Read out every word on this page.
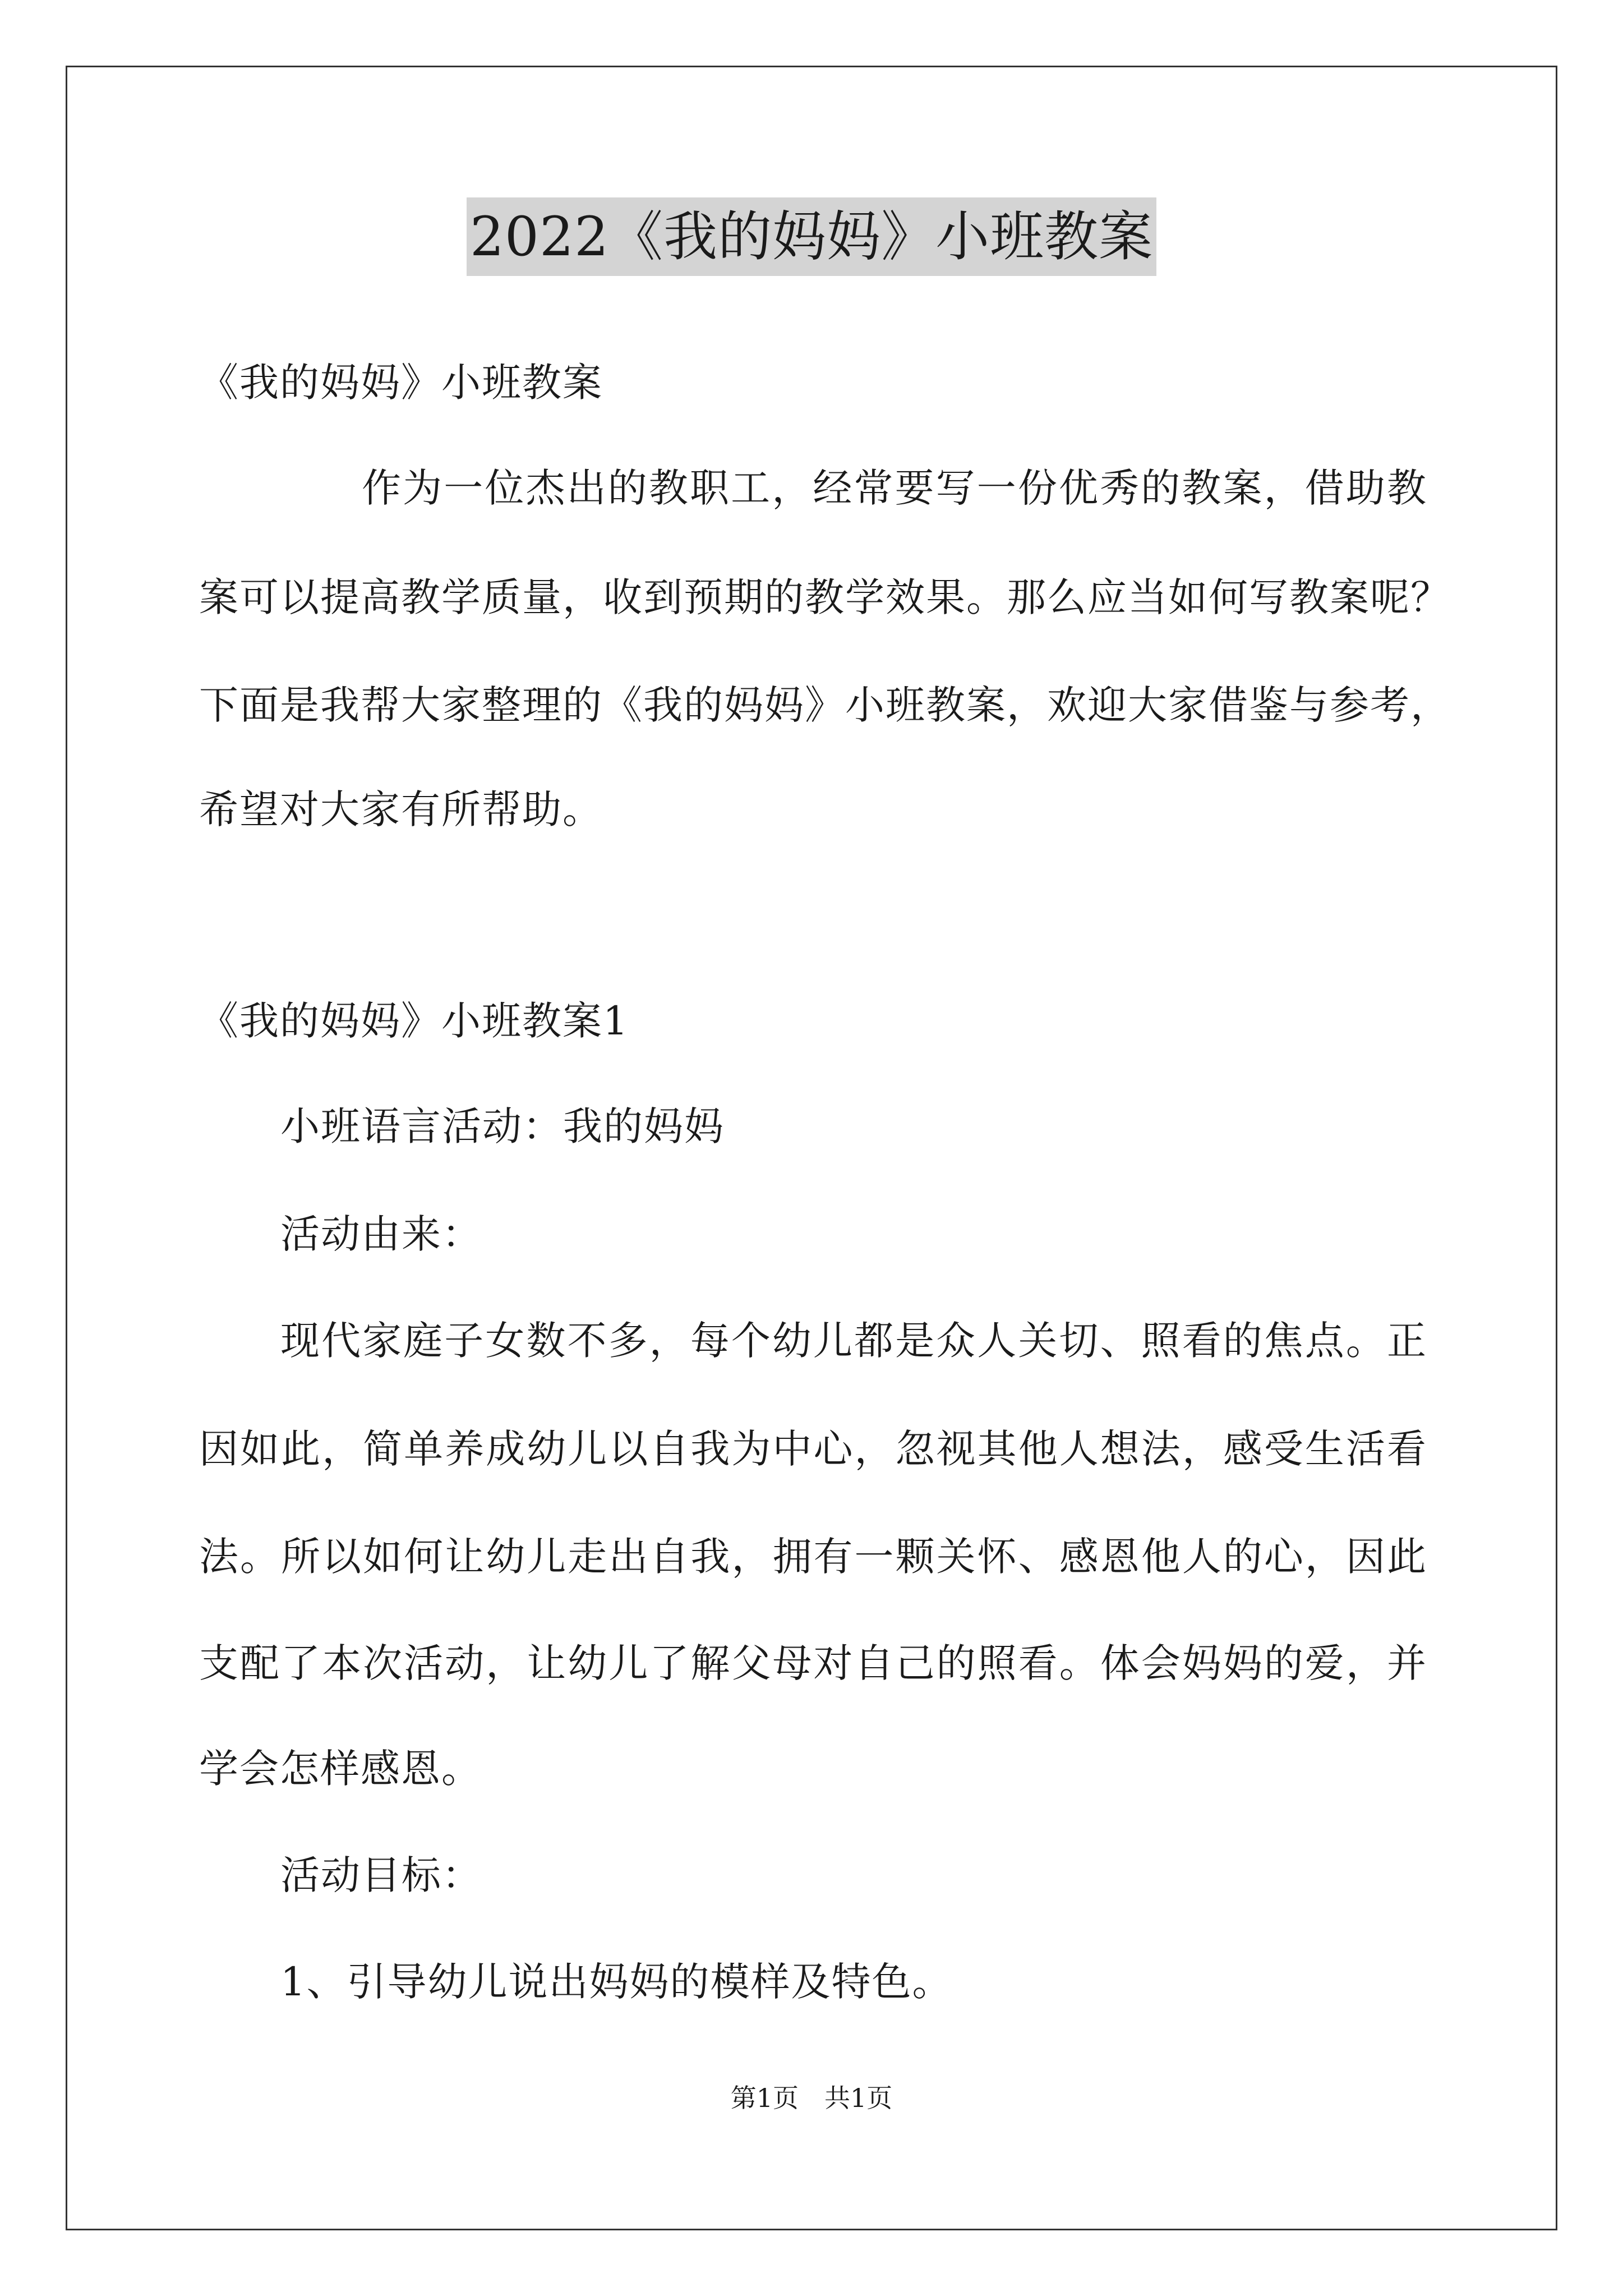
2022《我的妈妈》小班教案
《我的妈妈》小班教案
作为一位杰出的教职工，经常要写一份优秀的教案，借助教
案可以提高教学质量，收到预期的教学效果。那么应当如何写教案呢？
下面是我帮大家整理的《我的妈妈》小班教案，欢迎大家借鉴与参考，
希望对大家有所帮助。
《我的妈妈》小班教案1
小班语言活动：我的妈妈
活动由来：
现代家庭子女数不多，每个幼儿都是众人关切、照看的焦点。正
因如此，简单养成幼儿以自我为中心，忽视其他人想法，感受生活看
法。所以如何让幼儿走出自我，拥有一颗关怀、感恩他人的心，因此
支配了本次活动，让幼儿了解父母对自己的照看。体会妈妈的爱，并
学会怎样感恩。
活动目标：
1、引导幼儿说出妈妈的模样及特色。
第1页　共1页
